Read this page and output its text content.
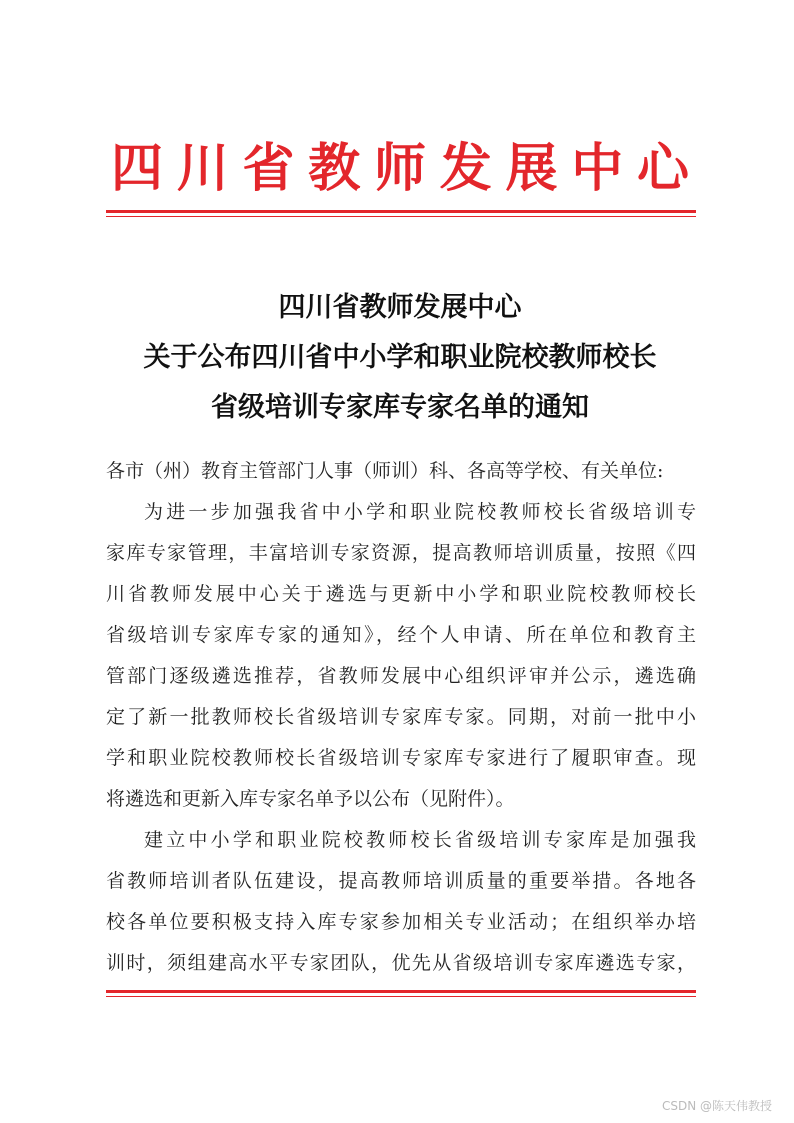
四 川 省 教 师 发 展 中 心
四川省教师发展中心
关于公布四川省中小学和职业院校教师校长
省级培训专家库专家名单的通知
各市（州）教育主管部门人事（师训）科、各高等学校、有关单位:
为进一步加强我省中小学和职业院校教师校长省级培训专
家库专家管理，丰富培训专家资源，提高教师培训质量，按照《四
川省教师发展中心关于遴选与更新中小学和职业院校教师校长
省级培训专家库专家的通知》，经个人申请、所在单位和教育主
管部门逐级遴选推荐，省教师发展中心组织评审并公示，遴选确
定了新一批教师校长省级培训专家库专家。同期，对前一批中小
学和职业院校教师校长省级培训专家库专家进行了履职审查。现
将遴选和更新入库专家名单予以公布（见附件）。
建立中小学和职业院校教师校长省级培训专家库是加强我
省教师培训者队伍建设，提高教师培训质量的重要举措。各地各
校各单位要积极支持入库专家参加相关专业活动；在组织举办培
训时，须组建高水平专家团队，优先从省级培训专家库遴选专家，
CSDN @陈天伟教授
